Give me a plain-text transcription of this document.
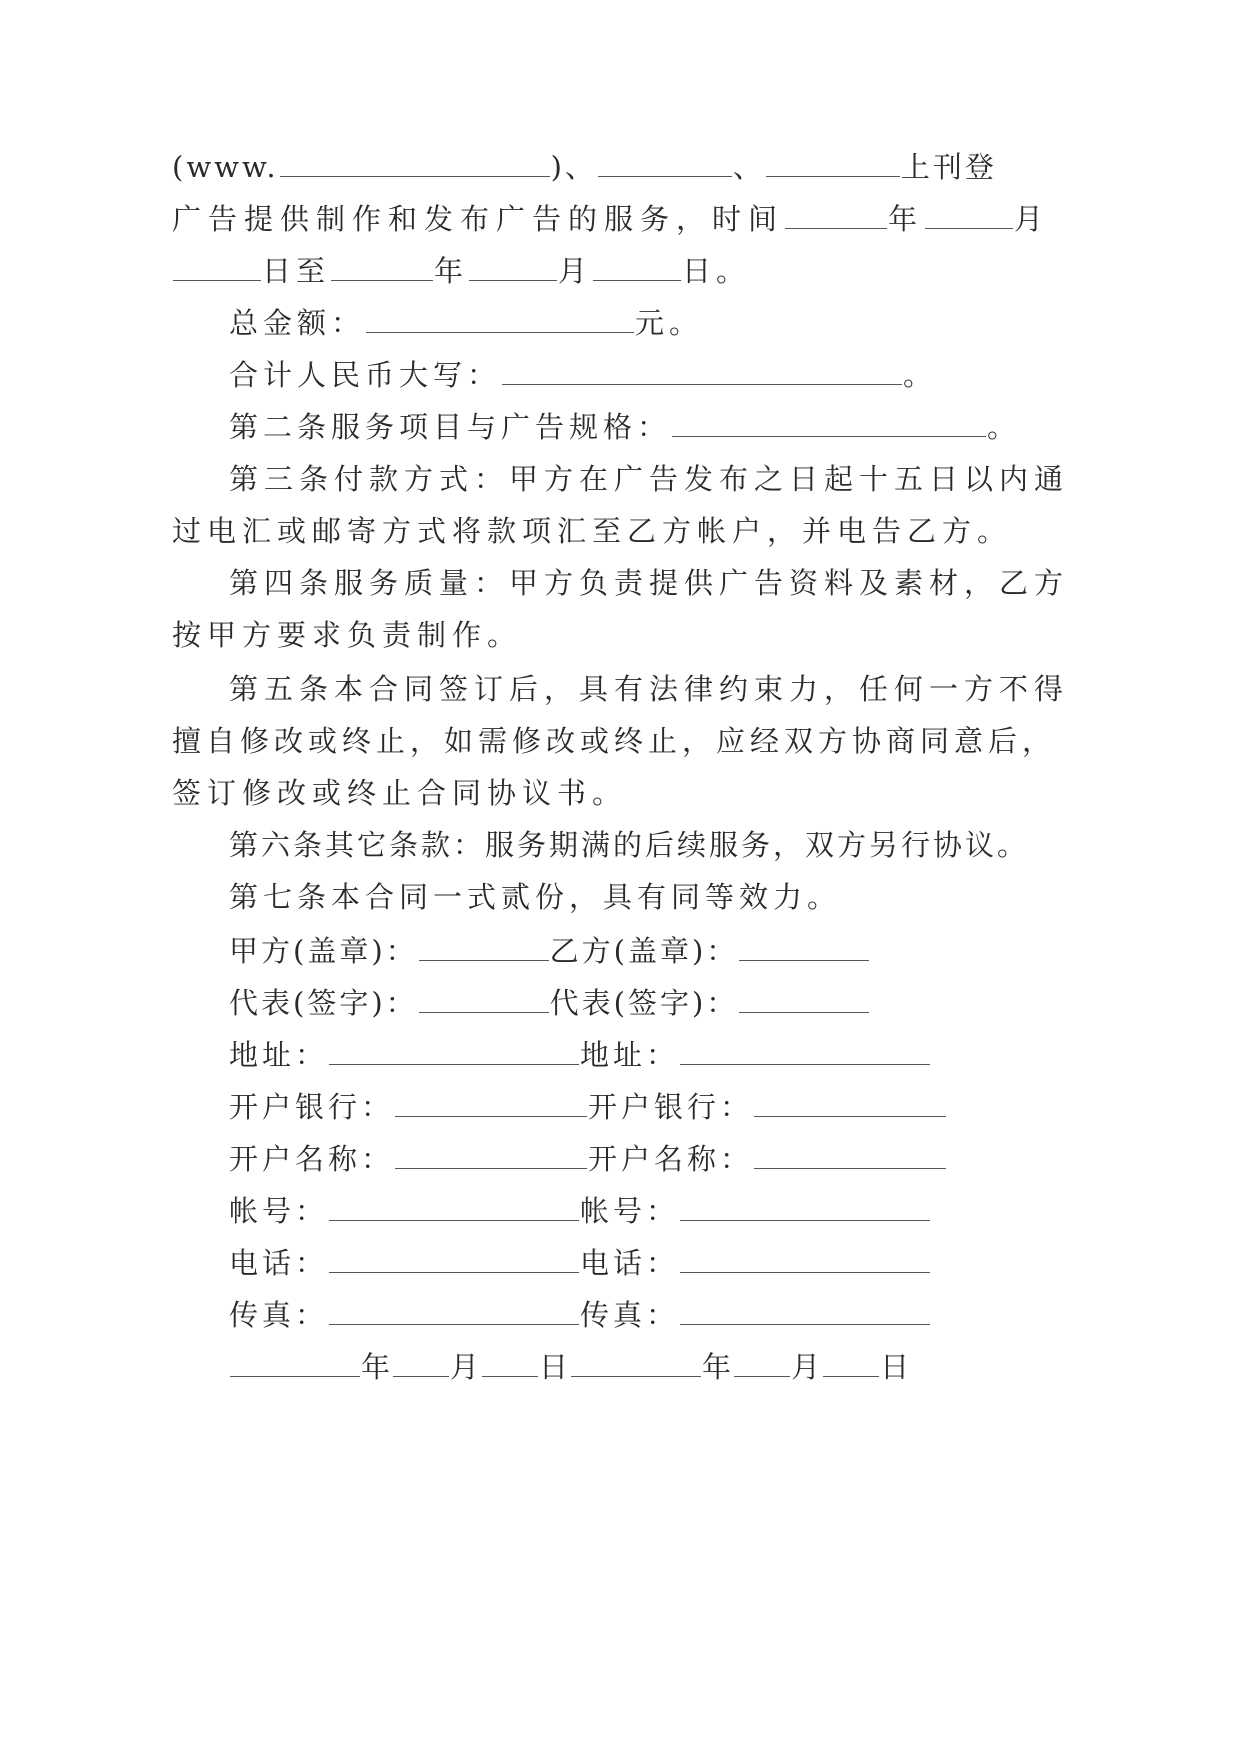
(www.	)、	、	上刊登
广告提供制作和发布广告的服务，时间	年	月
日至	年	月	日。
总金额：	元。
合计人民币大写：	。
第二条服务项目与广告规格：	。
第三条付款方式：甲方在广告发布之日起十五日以内通
过电汇或邮寄方式将款项汇至乙方帐户，并电告乙方。
第四条服务质量：甲方负责提供广告资料及素材，乙方
按甲方要求负责制作。
第五条本合同签订后，具有法律约束力，任何一方不得
擅自修改或终止，如需修改或终止，应经双方协商同意后，
签订修改或终止合同协议书。
第六条其它条款：服务期满的后续服务，双方另行协议。
第七条本合同一式贰份，具有同等效力。
甲方(盖章)：	乙方(盖章)：
代表(签字)：	代表(签字)：
地址：	地址：
开户银行：	开户银行：
开户名称：	开户名称：
帐号：	帐号：
电话：	电话：
传真：	传真：
年 月 日	年 月 日
